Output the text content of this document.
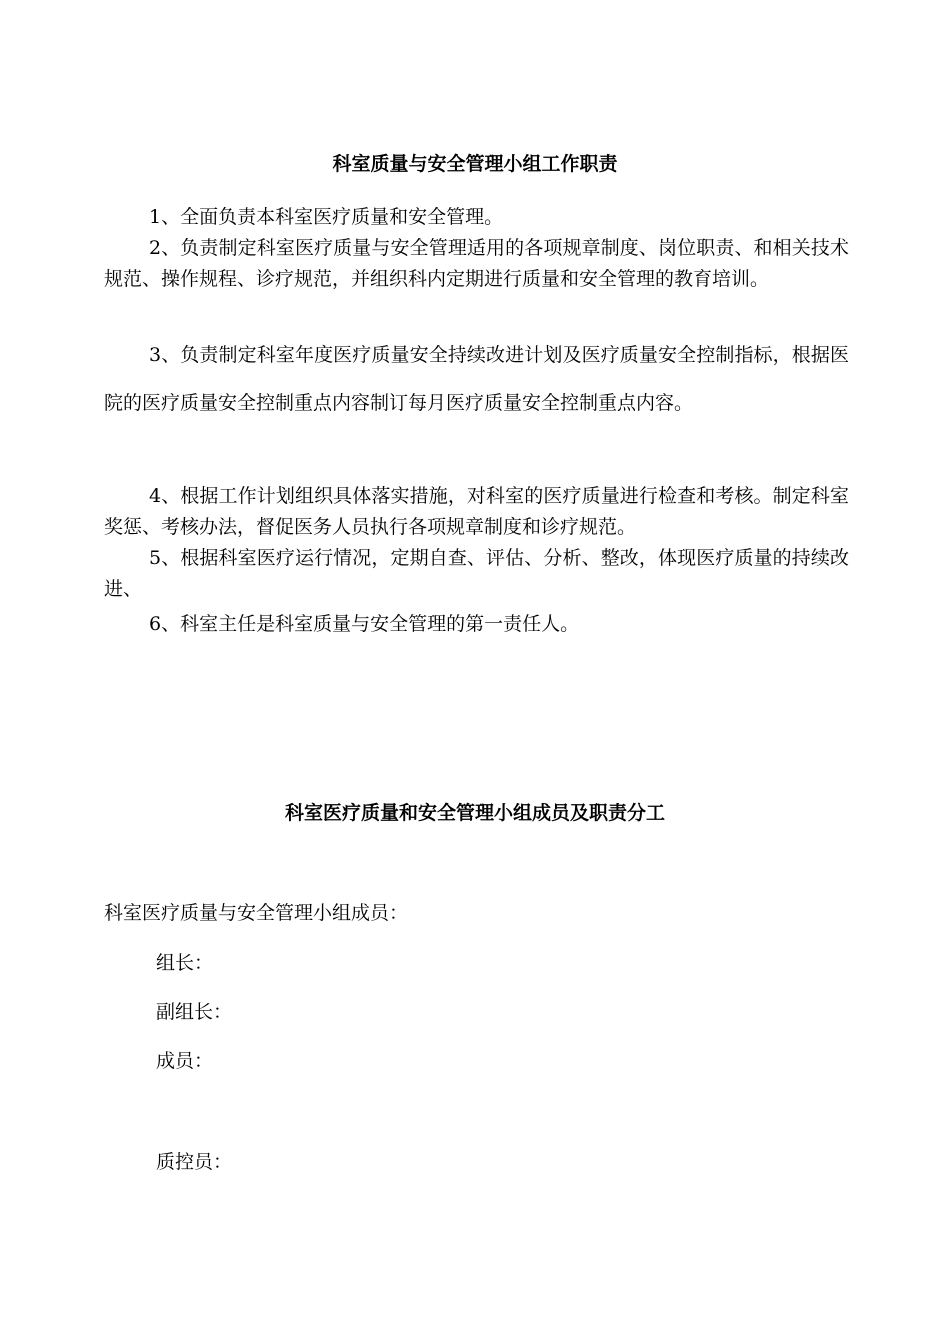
科室质量与安全管理小组工作职责
1、全面负责本科室医疗质量和安全管理。
2、负责制定科室医疗质量与安全管理适用的各项规章制度、岗位职责、和相关技术规范、操作规程、诊疗规范，并组织科内定期进行质量和安全管理的教育培训。
3、负责制定科室年度医疗质量安全持续改进计划及医疗质量安全控制指标，根据医院的医疗质量安全控制重点内容制订每月医疗质量安全控制重点内容。
4、根据工作计划组织具体落实措施，对科室的医疗质量进行检查和考核。制定科室奖惩、考核办法，督促医务人员执行各项规章制度和诊疗规范。
5、根据科室医疗运行情况，定期自查、评估、分析、整改，体现医疗质量的持续改进、
6、科室主任是科室质量与安全管理的第一责任人。
科室医疗质量和安全管理小组成员及职责分工
科室医疗质量与安全管理小组成员：
组长：
副组长：
成员：
质控员：
